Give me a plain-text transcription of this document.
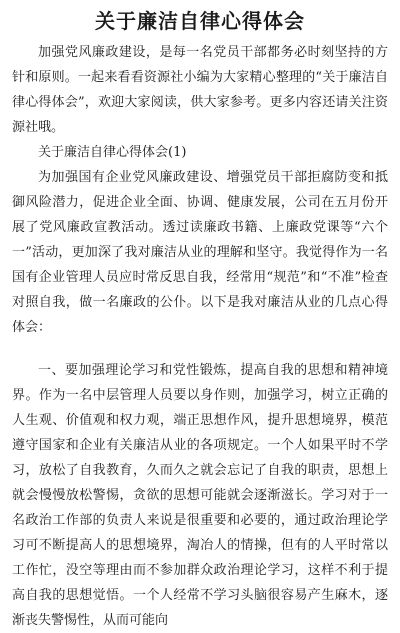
关于廉洁自律心得体会

加强党风廉政建设，是每一名党员干部都务必时刻坚持的方针和原则。一起来看看资源社小编为大家精心整理的“关于廉洁自律心得体会”，欢迎大家阅读，供大家参考。更多内容还请关注资源社哦。

关于廉洁自律心得体会(1)

为加强国有企业党风廉政建设、增强党员干部拒腐防变和抵御风险潜力，促进企业全面、协调、健康发展，公司在五月份开展了党风廉政宣教活动。透过读廉政书籍、上廉政党课等“六个一”活动，更加深了我对廉洁从业的理解和坚守。我觉得作为一名国有企业管理人员应时常反思自我，经常用“规范”和“不准”检查对照自我，做一名廉政的公仆。以下是我对廉洁从业的几点心得体会：

一、要加强理论学习和党性锻炼，提高自我的思想和精神境界。作为一名中层管理人员要以身作则，加强学习，树立正确的人生观、价值观和权力观，端正思想作风，提升思想境界，模范遵守国家和企业有关廉洁从业的各项规定。一个人如果平时不学习，放松了自我教育，久而久之就会忘记了自我的职责，思想上就会慢慢放松警惕，贪欲的思想可能就会逐渐滋长。学习对于一名政治工作部的负责人来说是很重要和必要的，通过政治理论学习可不断提高人的思想境界，淘冶人的情操，但有的人平时常以工作忙，没空等理由而不参加群众政治理论学习，这样不利于提高自我的思想觉悟。一个人经常不学习头脑很容易产生麻木，逐渐丧失警惕性，从而可能向
